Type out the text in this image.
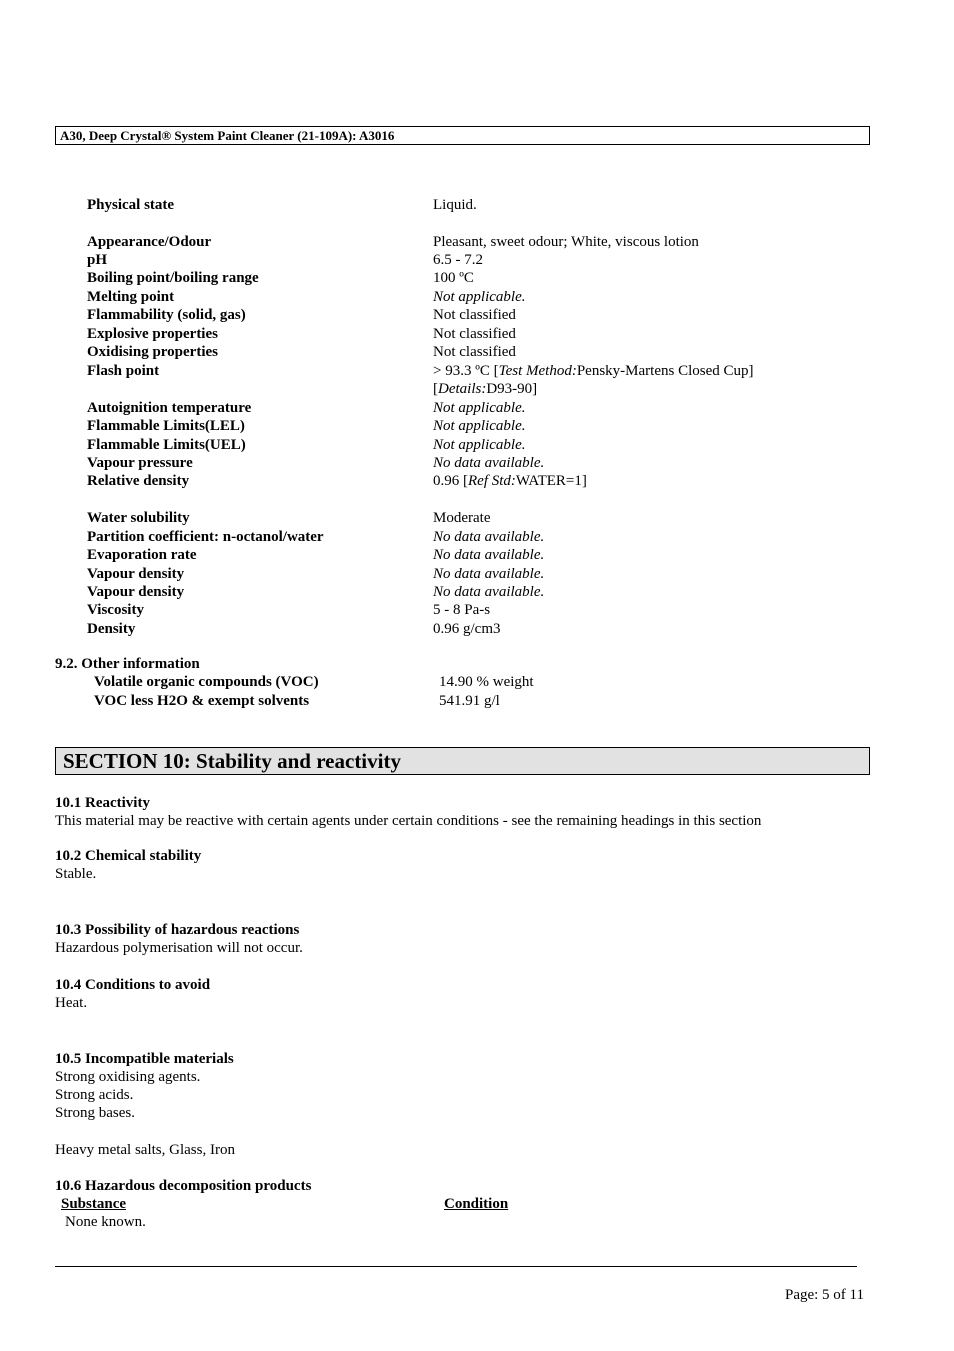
A30, Deep Crystal® System Paint Cleaner (21-109A): A3016
Physical state	Liquid.
Appearance/Odour	Pleasant, sweet odour; White, viscous lotion
pH	6.5 - 7.2
Boiling point/boiling range	100 ºC
Melting point	Not applicable.
Flammability (solid, gas)	Not classified
Explosive properties	Not classified
Oxidising properties	Not classified
Flash point	> 93.3 ºC [Test Method:Pensky-Martens Closed Cup]
[Details:D93-90]
Autoignition temperature	Not applicable.
Flammable Limits(LEL)	Not applicable.
Flammable Limits(UEL)	Not applicable.
Vapour pressure	No data available.
Relative density	0.96 [Ref Std:WATER=1]
Water solubility	Moderate
Partition coefficient: n-octanol/water	No data available.
Evaporation rate	No data available.
Vapour density	No data available.
Vapour density	No data available.
Viscosity	5 - 8 Pa-s
Density	0.96 g/cm3
9.2. Other information
Volatile organic compounds (VOC)	14.90 % weight
VOC less H2O & exempt solvents	541.91 g/l
SECTION 10: Stability and reactivity
10.1 Reactivity
This material may be reactive with certain agents under certain conditions - see the remaining headings in this section
10.2 Chemical stability
Stable.
10.3 Possibility of hazardous reactions
Hazardous polymerisation will not occur.
10.4 Conditions to avoid
Heat.
10.5 Incompatible materials
Strong oxidising agents.
Strong acids.
Strong bases.
Heavy metal salts, Glass, Iron
10.6 Hazardous decomposition products
Substance	Condition
None known.
Page: 5 of 11
